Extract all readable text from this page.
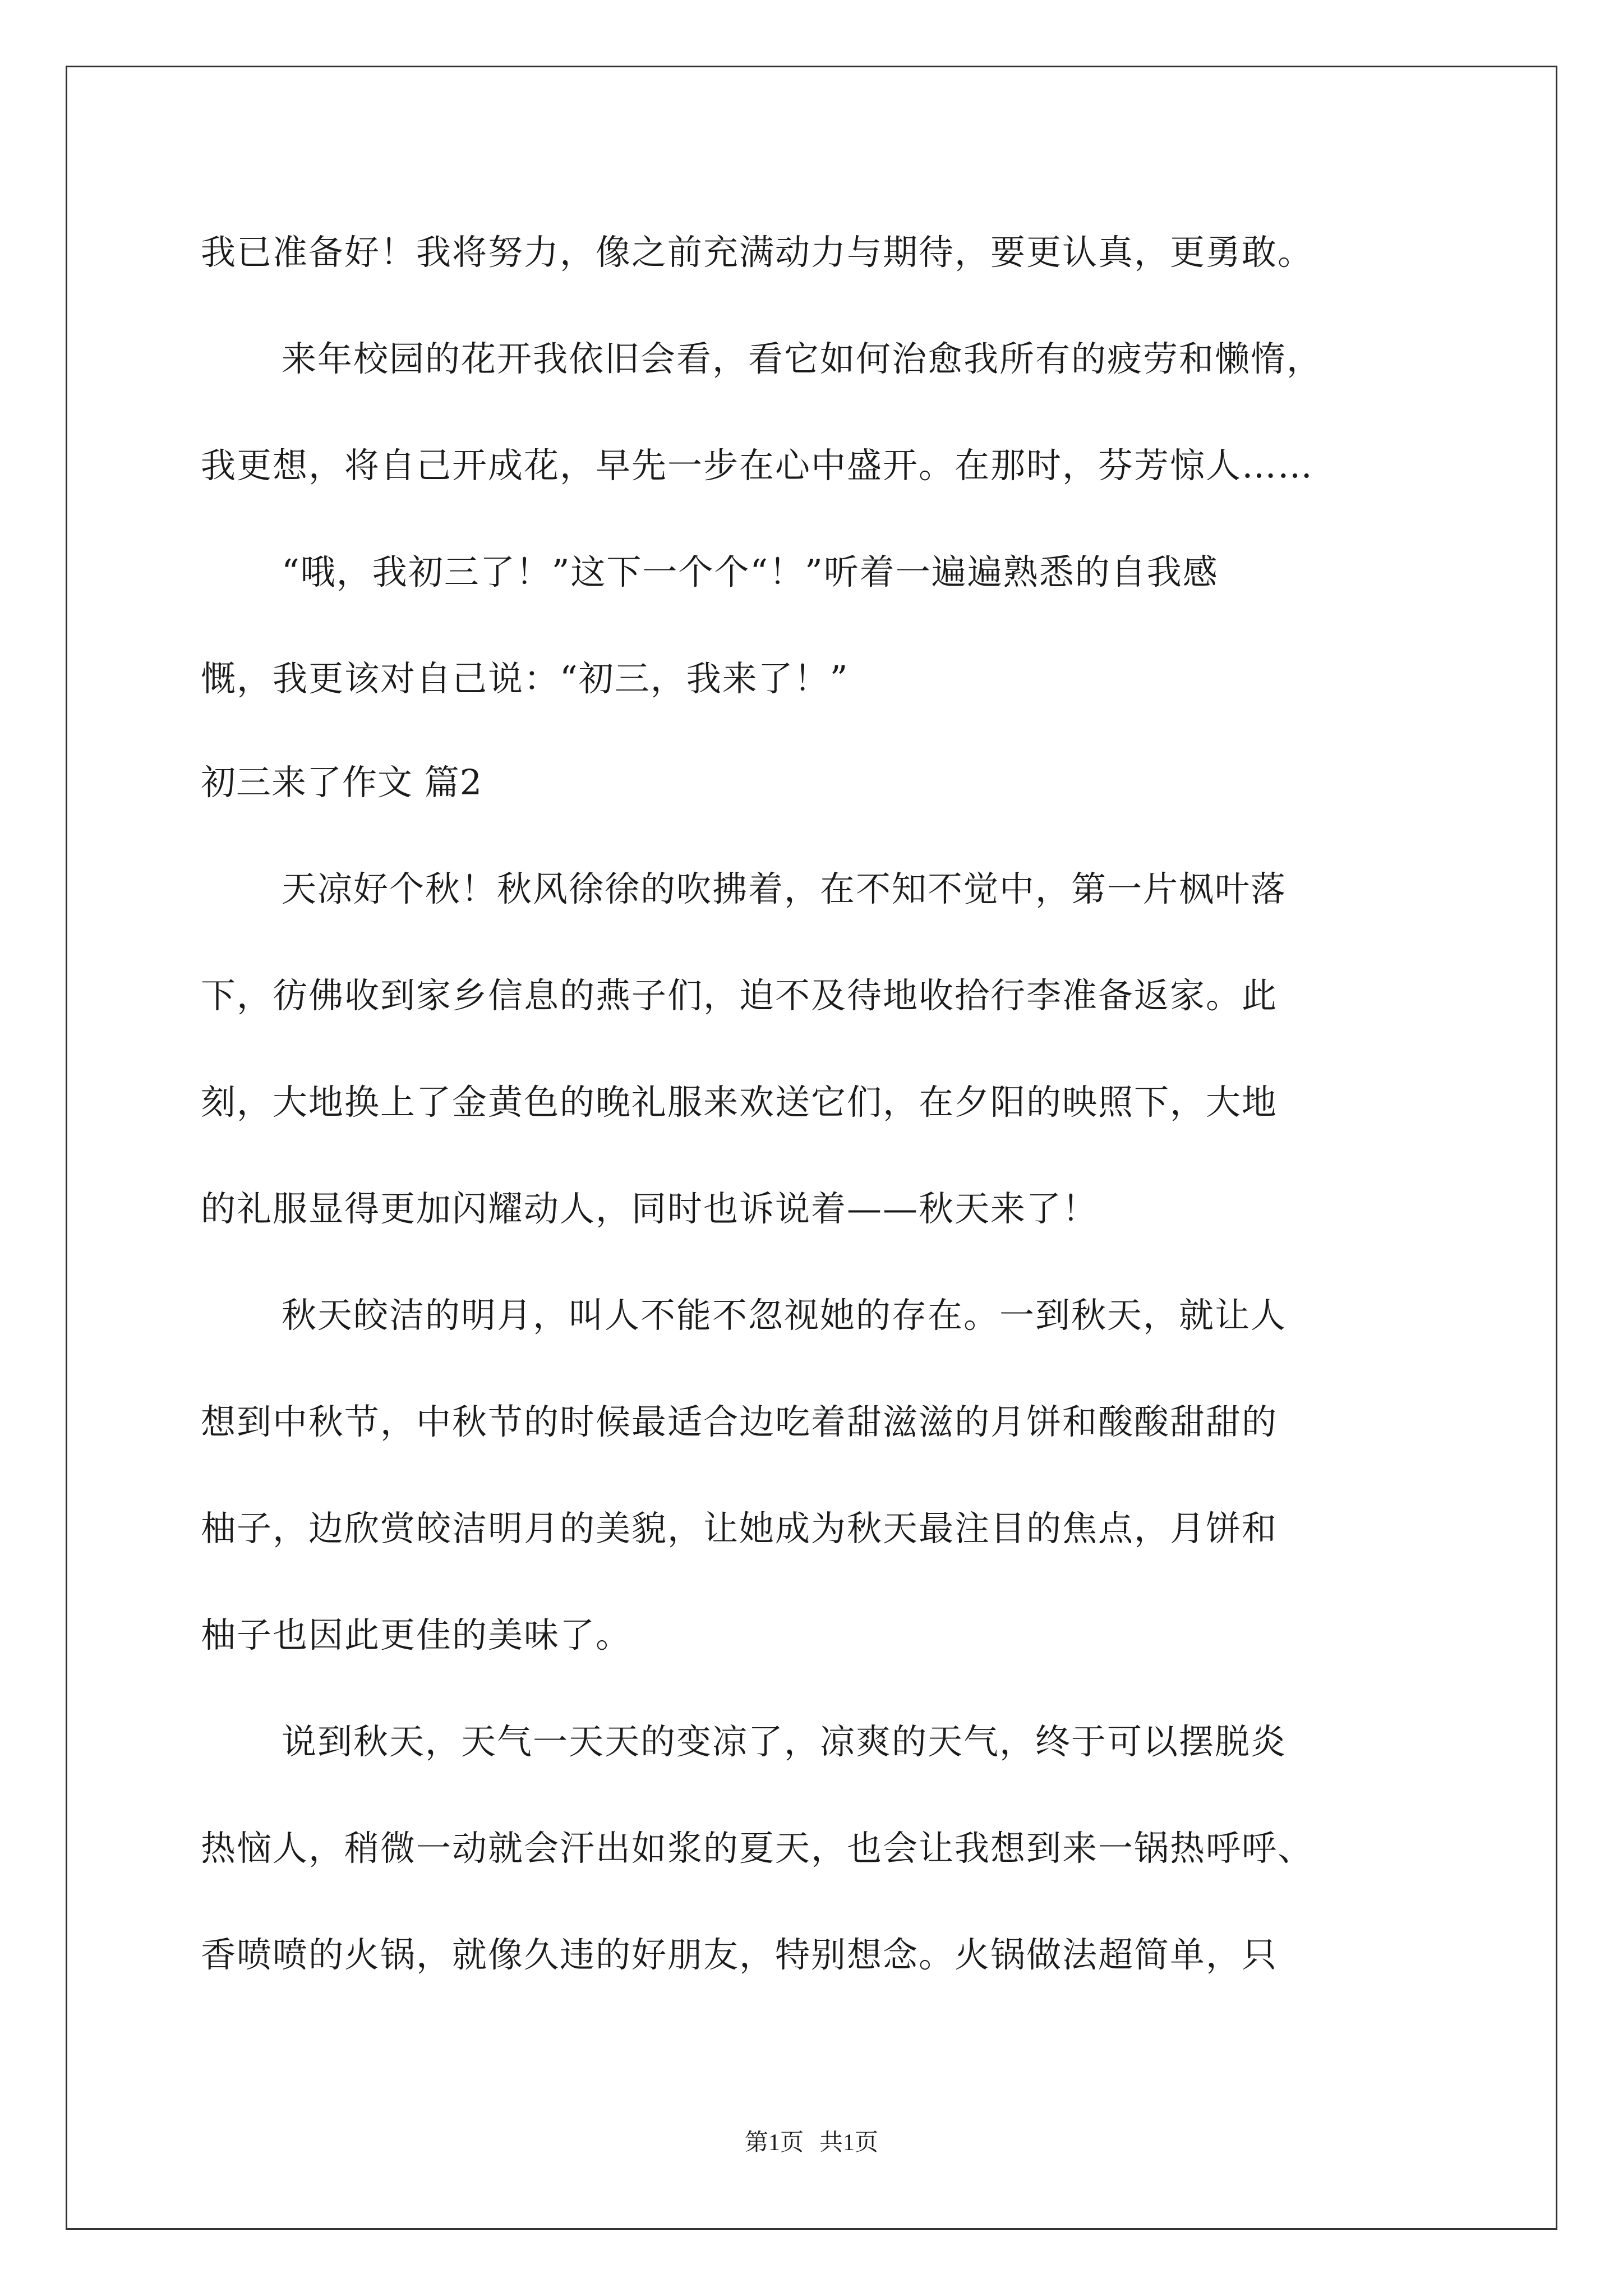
我已准备好！我将努力，像之前充满动力与期待，要更认真，更勇敢。
来年校园的花开我依旧会看，看它如何治愈我所有的疲劳和懒惰，
我更想，将自己开成花，早先一步在心中盛开。在那时，芬芳惊人……
“哦，我初三了！”这下一个个“！”听着一遍遍熟悉的自我感
慨，我更该对自己说：“初三，我来了！”
初三来了作文 篇2
天凉好个秋！秋风徐徐的吹拂着，在不知不觉中，第一片枫叶落
下，彷佛收到家乡信息的燕子们，迫不及待地收拾行李准备返家。此
刻，大地换上了金黄色的晚礼服来欢送它们，在夕阳的映照下，大地
的礼服显得更加闪耀动人，同时也诉说着——秋天来了！
秋天皎洁的明月，叫人不能不忽视她的存在。一到秋天，就让人
想到中秋节，中秋节的时候最适合边吃着甜滋滋的月饼和酸酸甜甜的
柚子，边欣赏皎洁明月的美貌，让她成为秋天最注目的焦点，月饼和
柚子也因此更佳的美味了。
说到秋天，天气一天天的变凉了，凉爽的天气，终于可以摆脱炎
热恼人，稍微一动就会汗出如浆的夏天，也会让我想到来一锅热呼呼、
香喷喷的火锅，就像久违的好朋友，特别想念。火锅做法超简单，只
第1页 共1页
